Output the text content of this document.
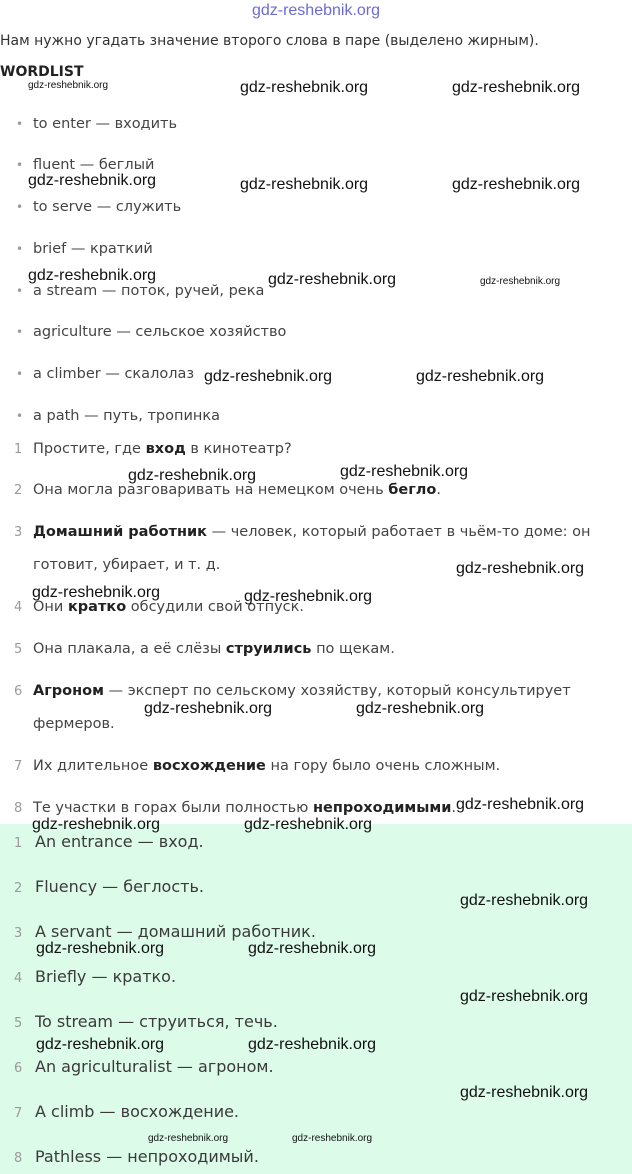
gdz-reshebnik.org
Нам нужно угадать значение второго слова в паре (выделено жирным).
WORDLIST
• to enter — входить
• fluent — беглый
• to serve — служить
• brief — краткий
• a stream — поток, ручей, река
• agriculture — сельское хозяйство
• a climber — скалолаз
• a path — путь, тропинка
1 Простите, где вход в кинотеатр?
2 Она могла разговаривать на немецком очень бегло.
3 Домашний работник — человек, который работает в чьём-то доме: он готовит, убирает, и т. д.
4 Они кратко обсудили свой отпуск.
5 Она плакала, а её слёзы струились по щекам.
6 Агроном — эксперт по сельскому хозяйству, который консультирует фермеров.
7 Их длительное восхождение на гору было очень сложным.
8 Те участки в горах были полностью непроходимыми.
1 An entrance — вход.
2 Fluency — беглость.
3 A servant — домашний работник.
4 Briefly — кратко.
5 To stream — струиться, течь.
6 An agriculturalist — агроном.
7 A climb — восхождение.
8 Pathless — непроходимый.
gdz-reshebnik.org	gdz-reshebnik.org	gdz-reshebnik.org
gdz-reshebnik.org	gdz-reshebnik.org	gdz-reshebnik.org
gdz-reshebnik.org	gdz-reshebnik.org	gdz-reshebnik.org
gdz-reshebnik.org	gdz-reshebnik.org
gdz-reshebnik.org	gdz-reshebnik.org
gdz-reshebnik.org
gdz-reshebnik.org	gdz-reshebnik.org
gdz-reshebnik.org	gdz-reshebnik.org
gdz-reshebnik.org
gdz-reshebnik.org	gdz-reshebnik.org
gdz-reshebnik.org
gdz-reshebnik.org	gdz-reshebnik.org
gdz-reshebnik.org
gdz-reshebnik.org	gdz-reshebnik.org
gdz-reshebnik.org
gdz-reshebnik.org	gdz-reshebnik.org
